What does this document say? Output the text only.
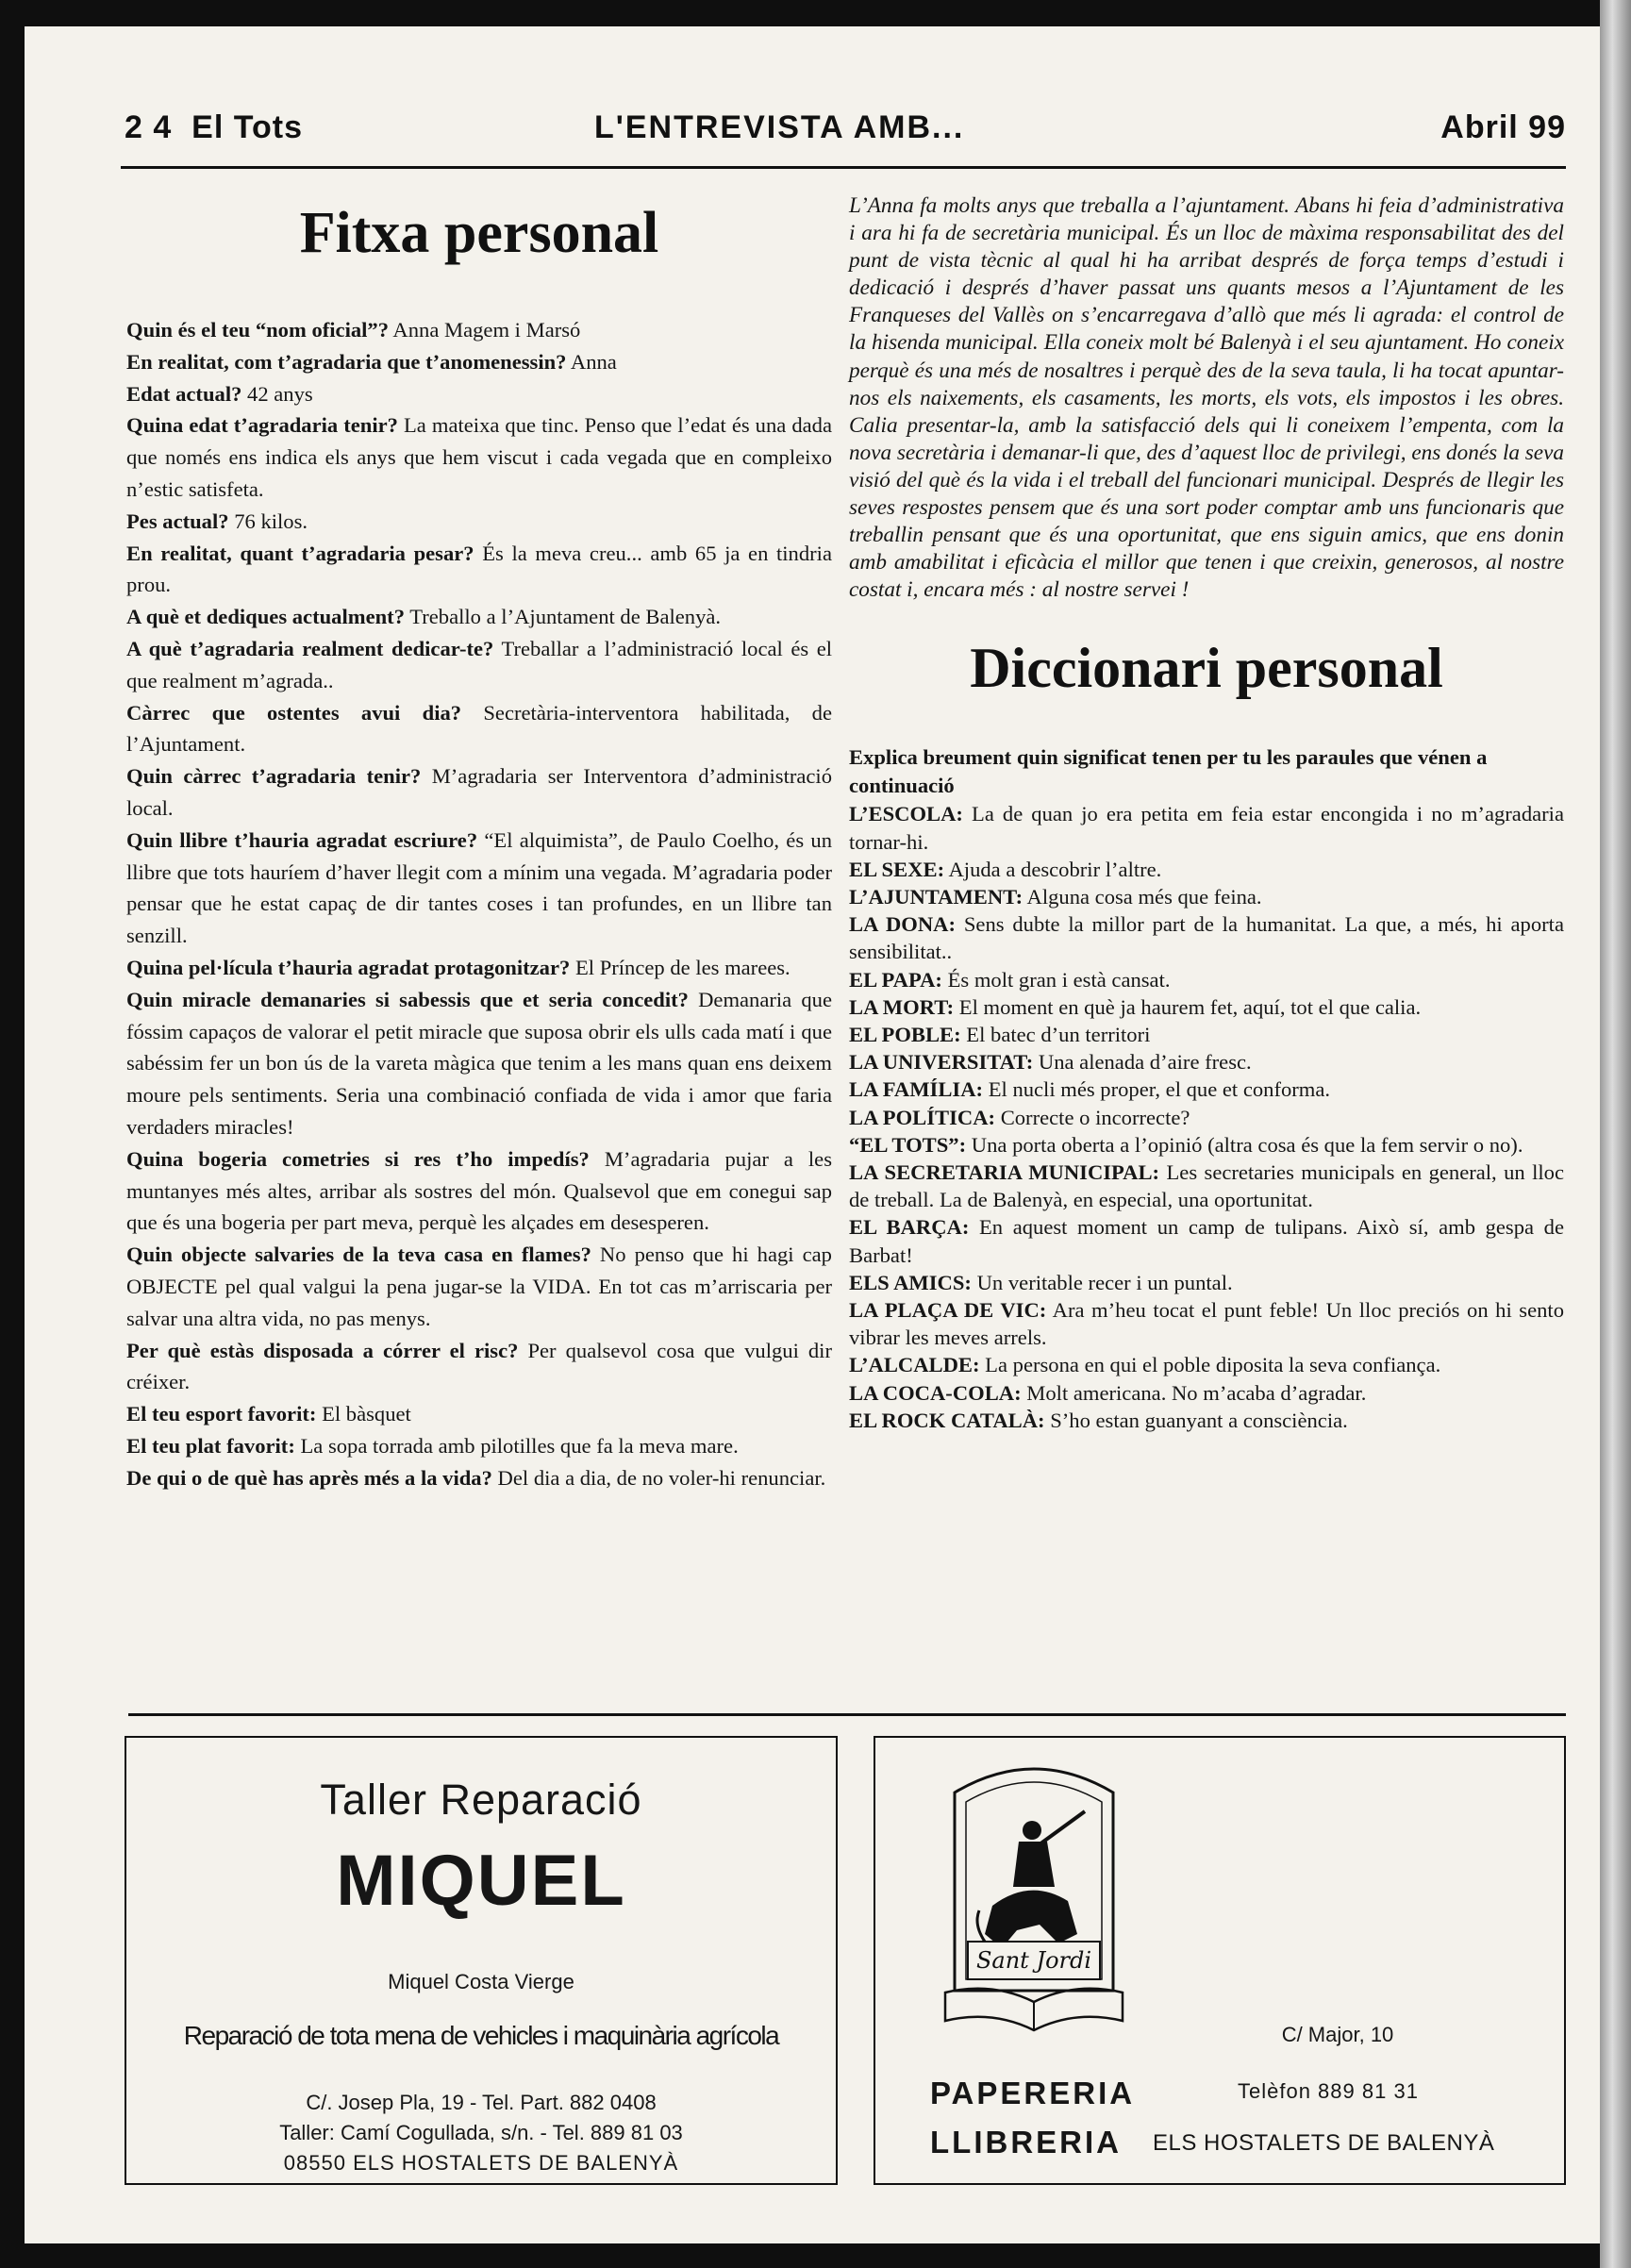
2 4 El Tots	L'ENTREVISTA AMB...	Abril 99
Fitxa personal

Quin és el teu “nom oficial”? Anna Magem i Marsó

En realitat, com t’agradaria que t’anomenessin? Anna

Edat actual? 42 anys

Quina edat t’agradaria tenir? La mateixa que tinc. Penso que l’edat és una dada que només ens indica els anys que hem viscut i cada vegada que en compleixo n’estic satisfeta.

Pes actual? 76 kilos.

En realitat, quant t’agradaria pesar? És la meva creu... amb 65 ja en tindria prou.

A què et dediques actualment? Treballo a l’Ajuntament de Balenyà.

A què t’agradaria realment dedicar-te? Treballar a l’administració local és el que realment m’agrada..

Càrrec que ostentes avui dia? Secretària-interventora habilitada, de l’Ajuntament.

Quin càrrec t’agradaria tenir? M’agradaria ser Interventora d’administració local.

Quin llibre t’hauria agradat escriure? “El alquimista”, de Paulo Coelho, és un llibre que tots hauríem d’haver llegit com a mínim una vegada. M’agradaria poder pensar que he estat capaç de dir tantes coses i tan profundes, en un llibre tan senzill.

Quina pel·lícula t’hauria agradat protagonitzar? El Príncep de les marees.

Quin miracle demanaries si sabessis que et seria concedit? Demanaria que fóssim capaços de valorar el petit miracle que suposa obrir els ulls cada matí i que sabéssim fer un bon ús de la vareta màgica que tenim a les mans quan ens deixem moure pels sentiments. Seria una combinació confiada de vida i amor que faria verdaders miracles!

Quina bogeria cometries si res t’ho impedís? M’agradaria pujar a les muntanyes més altes, arribar als sostres del món. Qualsevol que em conegui sap que és una bogeria per part meva, perquè les alçades em desesperen.

Quin objecte salvaries de la teva casa en flames? No penso que hi hagi cap OBJECTE pel qual valgui la pena jugar-se la VIDA. En tot cas m’arriscaria per salvar una altra vida, no pas menys.

Per què estàs disposada a córrer el risc? Per qualsevol cosa que vulgui dir créixer.

El teu esport favorit: El bàsquet

El teu plat favorit: La sopa torrada amb pilotilles que fa la meva mare.

De qui o de què has après més a la vida? Del dia a dia, de no voler-hi renunciar.

L’Anna fa molts anys que treballa a l’ajuntament. Abans hi feia d’administrativa i ara hi fa de secretària municipal. És un lloc de màxima responsabilitat des del punt de vista tècnic al qual hi ha arribat després de força temps d’estudi i dedicació i després d’haver passat uns quants mesos a l’Ajuntament de les Franqueses del Vallès on s’encarregava d’allò que més li agrada: el control de la hisenda municipal. Ella coneix molt bé Balenyà i el seu ajuntament. Ho coneix perquè és una més de nosaltres i perquè des de la seva taula, li ha tocat apuntar-nos els naixements, els casaments, les morts, els vots, els impostos i les obres. Calia presentar-la, amb la satisfacció dels qui li coneixem l’empenta, com la nova secretària i demanar-li que, des d’aquest lloc de privilegi, ens donés la seva visió del què és la vida i el treball del funcionari municipal. Després de llegir les seves respostes pensem que és una sort poder comptar amb uns funcionaris que treballin pensant que és una oportunitat, que ens siguin amics, que ens donin amb amabilitat i eficàcia el millor que tenen i que creixin, generosos, al nostre costat i, encara més : al nostre servei !

Diccionari personal

Explica breument quin significat tenen per tu les paraules que vénen a continuació

L’ESCOLA: La de quan jo era petita em feia estar encongida i no m’agradaria tornar-hi.

EL SEXE: Ajuda a descobrir l’altre.

L’AJUNTAMENT: Alguna cosa més que feina.

LA DONA: Sens dubte la millor part de la humanitat. La que, a més, hi aporta sensibilitat..

EL PAPA: És molt gran i està cansat.

LA MORT: El moment en què ja haurem fet, aquí, tot el que calia.

EL POBLE: El batec d’un territori

LA UNIVERSITAT: Una alenada d’aire fresc.

LA FAMÍLIA: El nucli més proper, el que et conforma.

LA POLÍTICA: Correcte o incorrecte?

“EL TOTS”: Una porta oberta a l’opinió (altra cosa és que la fem servir o no).

LA SECRETARIA MUNICIPAL: Les secretaries municipals en general, un lloc de treball. La de Balenyà, en especial, una oportunitat.

EL BARÇA: En aquest moment un camp de tulipans. Això sí, amb gespa de Barbat!

ELS AMICS: Un veritable recer i un puntal.

LA PLAÇA DE VIC: Ara m’heu tocat el punt feble! Un lloc preciós on hi sento vibrar les meves arrels.

L’ALCALDE: La persona en qui el poble diposita la seva confiança.

LA COCA-COLA: Molt americana. No m’acaba d’agradar.

EL ROCK CATALÀ: S’ho estan guanyant a consciència.

Taller Reparació
MIQUEL
Miquel Costa Vierge
Reparació de tota mena de vehicles i maquinària agrícola
C/. Josep Pla, 19 - Tel. Part. 882 0408
Taller: Camí Cogullada, s/n. - Tel. 889 81 03
08550 ELS HOSTALETS DE BALENYÀ
Sant Jordi
C/ Major, 10
PAPERERIA
LLIBRERIA
Telèfon 889 81 31
ELS HOSTALETS DE BALENYÀ
